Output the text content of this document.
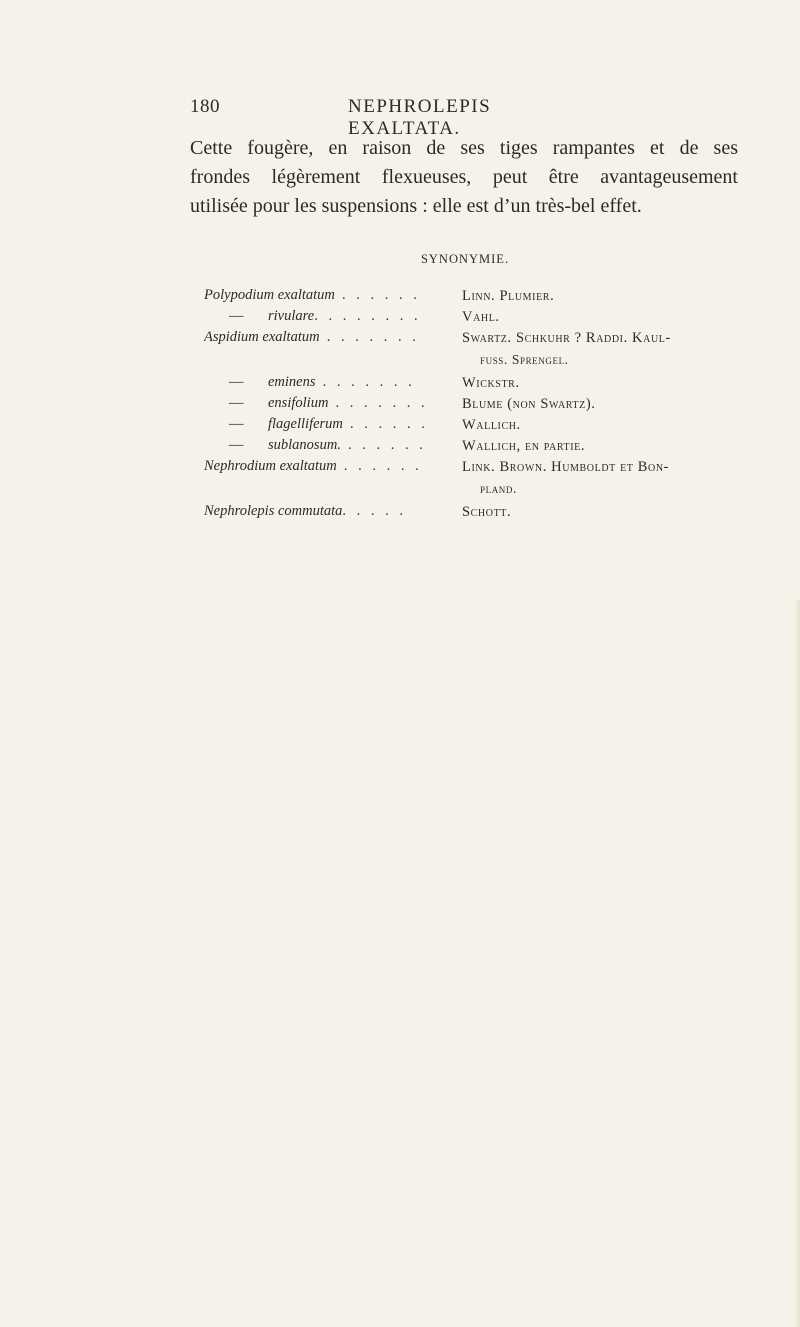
180	NEPHROLEPIS EXALTATA.
Cette fougère, en raison de ses tiges rampantes et de ses
frondes légèrement flexueuses, peut être avantageusement
utilisée pour les suspensions : elle est d’un très-bel effet.
SYNONYMIE.
Polypodium exaltatum . . . . . .	Linn. Plumier.
— rivulare. . . . . . . .	Vahl.
Aspidium exaltatum . . . . . . .	Swartz. Schkuhr ? Raddi. Kaul-
fuss. Sprengel.
— eminens . . . . . . .	Wickstr.
— ensifolium . . . . . . .	Blume (non Swartz).
— flagelliferum . . . . . .	Wallich.
— sublanosum. . . . . . .	Wallich, en partie.
Nephrodium exaltatum . . . . . .	Link. Brown. Humboldt et Bon-
pland.
Nephrolepis commutata. . . . .	Schott.
